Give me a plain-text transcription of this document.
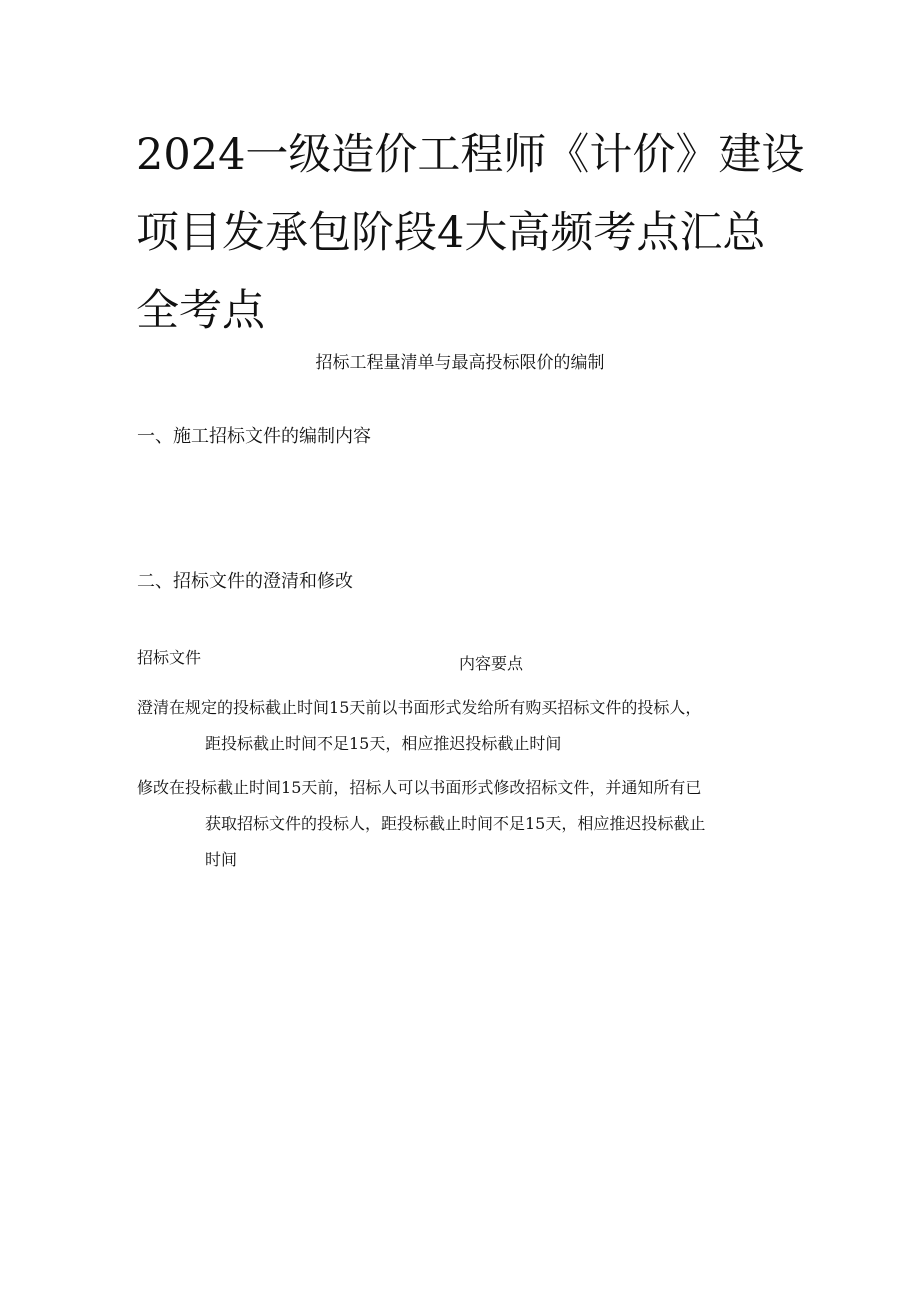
2024一级造价工程师《计价》建设
项目发承包阶段4大高频考点汇总
全考点
招标工程量清单与最高投标限价的编制
一、施工招标文件的编制内容
二、招标文件的澄清和修改
招标文件	内容要点
澄清在规定的投标截止时间15天前以书面形式发给所有购买招标文件的投标人，
距投标截止时间不足15天，相应推迟投标截止时间
修改在投标截止时间15天前，招标人可以书面形式修改招标文件，并通知所有已
获取招标文件的投标人，距投标截止时间不足15天，相应推迟投标截止
时间
